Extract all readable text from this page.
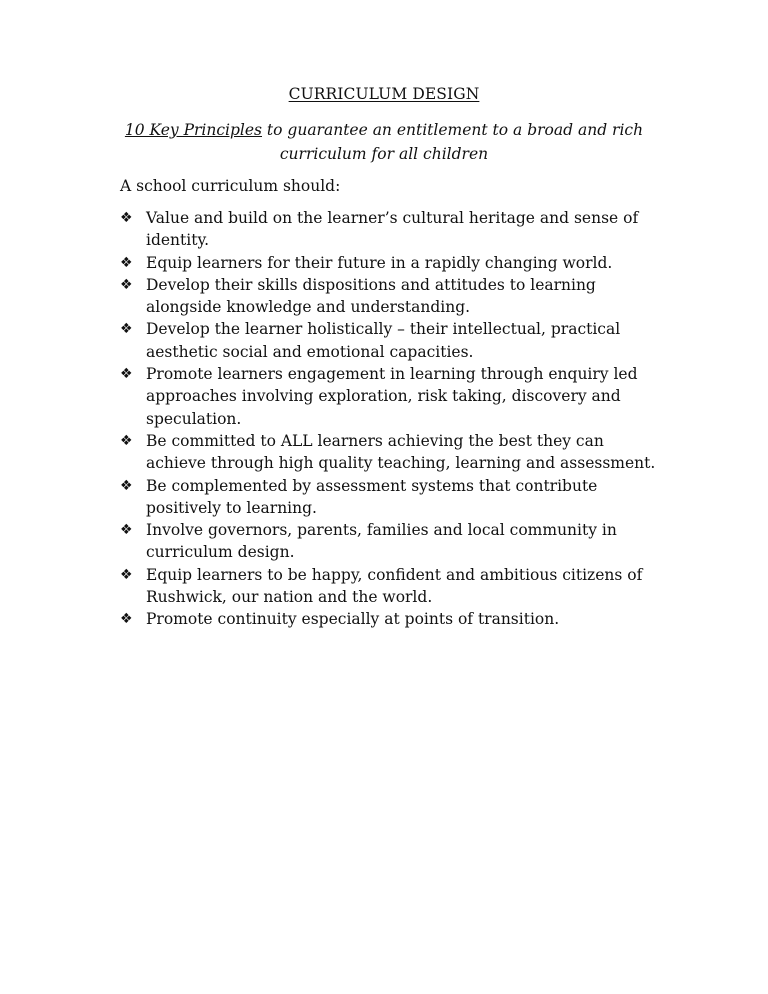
CURRICULUM DESIGN
10 Key Principles to guarantee an entitlement to a broad and rich curriculum for all children
A school curriculum should:
❖ Value and build on the learner’s cultural heritage and sense of identity.
❖ Equip learners for their future in a rapidly changing world.
❖ Develop their skills dispositions and attitudes to learning alongside knowledge and understanding.
❖ Develop the learner holistically – their intellectual, practical aesthetic social and emotional capacities.
❖ Promote learners engagement in learning through enquiry led approaches involving exploration, risk taking, discovery and speculation.
❖ Be committed to ALL learners achieving the best they can achieve through high quality teaching, learning and assessment.
❖ Be complemented by assessment systems that contribute positively to learning.
❖ Involve governors, parents, families and local community in curriculum design.
❖ Equip learners to be happy, confident and ambitious citizens of Rushwick, our nation and the world.
❖ Promote continuity especially at points of transition.
